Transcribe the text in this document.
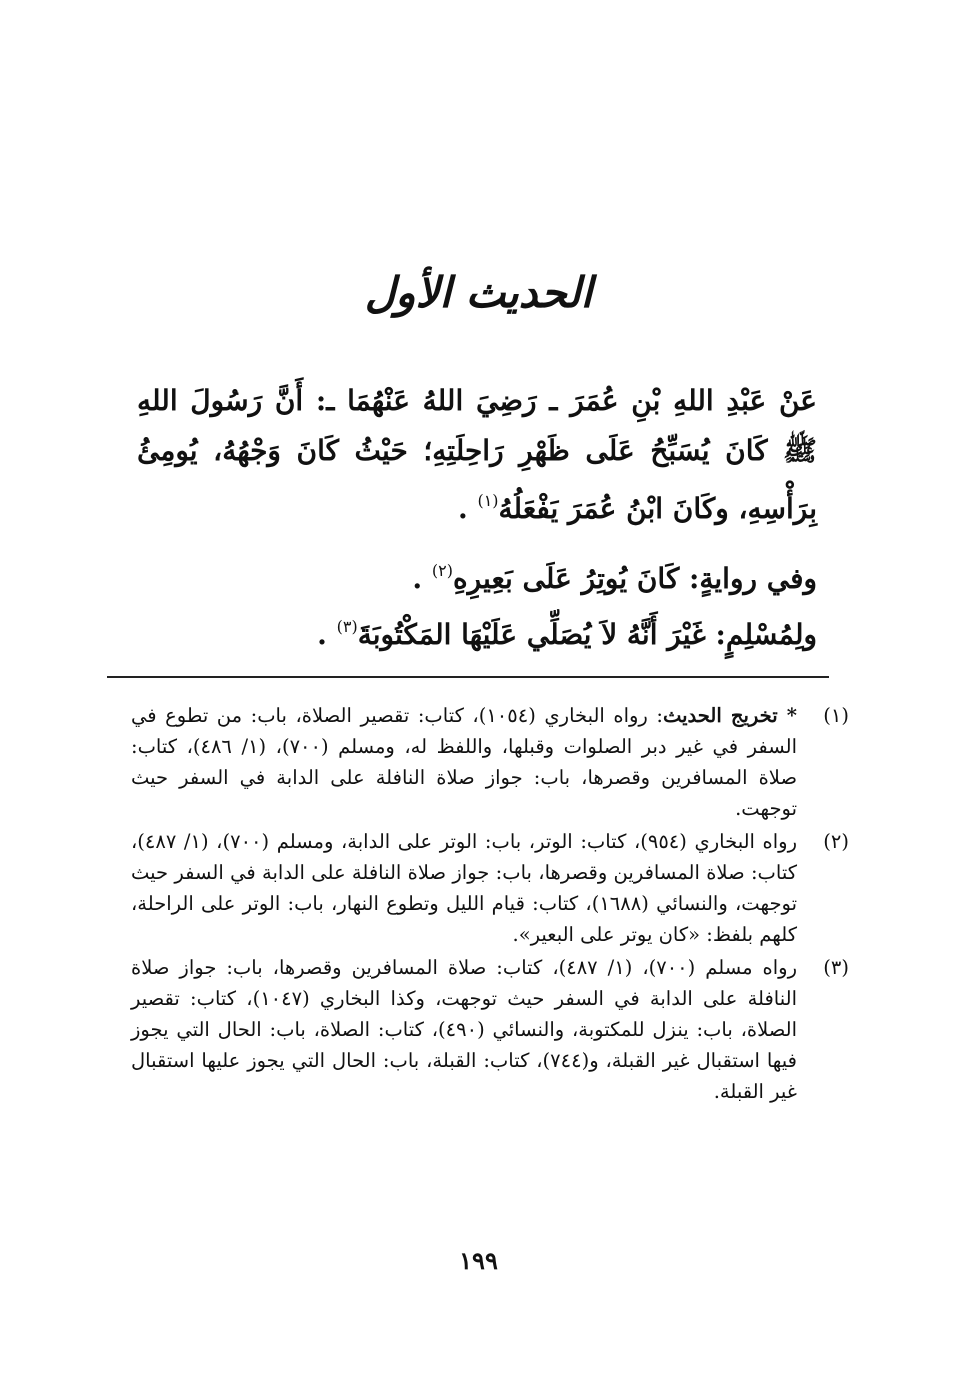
الحديث الأول

عَنْ عَبْدِ اللهِ بْنِ عُمَرَ ـ رَضِيَ اللهُ عَنْهُمَا ـ: أَنَّ رَسُولَ اللهِ ﷺ كَانَ يُسَبِّحُ عَلَى ظَهْرِ رَاحِلَتِهِ؛ حَيْثُ كَانَ وَجْهُهُ، يُومِئُ بِرَأْسِهِ، وكَانَ ابْنُ عُمَرَ يَفْعَلُهُ$^{(١)}$ .

وفي روايةٍ: كَانَ يُوتِرُ عَلَى بَعِيرِهِ$^{(٢)}$ .

ولِمُسْلِمٍ: غَيْرَ أَنَّهُ لاَ يُصَلِّي عَلَيْهَا المَكْتُوبَةَ$^{(٣)}$ .

(١)
* تخريج الحديث: رواه البخاري (١٠٥٤)، كتاب: تقصير الصلاة، باب: من تطوع في السفر في غير دبر الصلوات وقبلها، واللفظ له، ومسلم (٧٠٠)، (١/ ٤٨٦)، كتاب: صلاة المسافرين وقصرها، باب: جواز صلاة النافلة على الدابة في السفر حيث توجهت.

(٢)
رواه البخاري (٩٥٤)، كتاب: الوتر، باب: الوتر على الدابة، ومسلم (٧٠٠)، (١/ ٤٨٧)، كتاب: صلاة المسافرين وقصرها، باب: جواز صلاة النافلة على الدابة في السفر حيث توجهت، والنسائي (١٦٨٨)، كتاب: قيام الليل وتطوع النهار، باب: الوتر على الراحلة، كلهم بلفظ: «كان يوتر على البعير».

(٣)
رواه مسلم (٧٠٠)، (١/ ٤٨٧)، كتاب: صلاة المسافرين وقصرها، باب: جواز صلاة النافلة على الدابة في السفر حيث توجهت، وكذا البخاري (١٠٤٧)، كتاب: تقصير الصلاة، باب: ينزل للمكتوبة، والنسائي (٤٩٠)، كتاب: الصلاة، باب: الحال التي يجوز فيها استقبال غير القبلة، و(٧٤٤)، كتاب: القبلة، باب: الحال التي يجوز عليها استقبال غير القبلة.

١٩٩
